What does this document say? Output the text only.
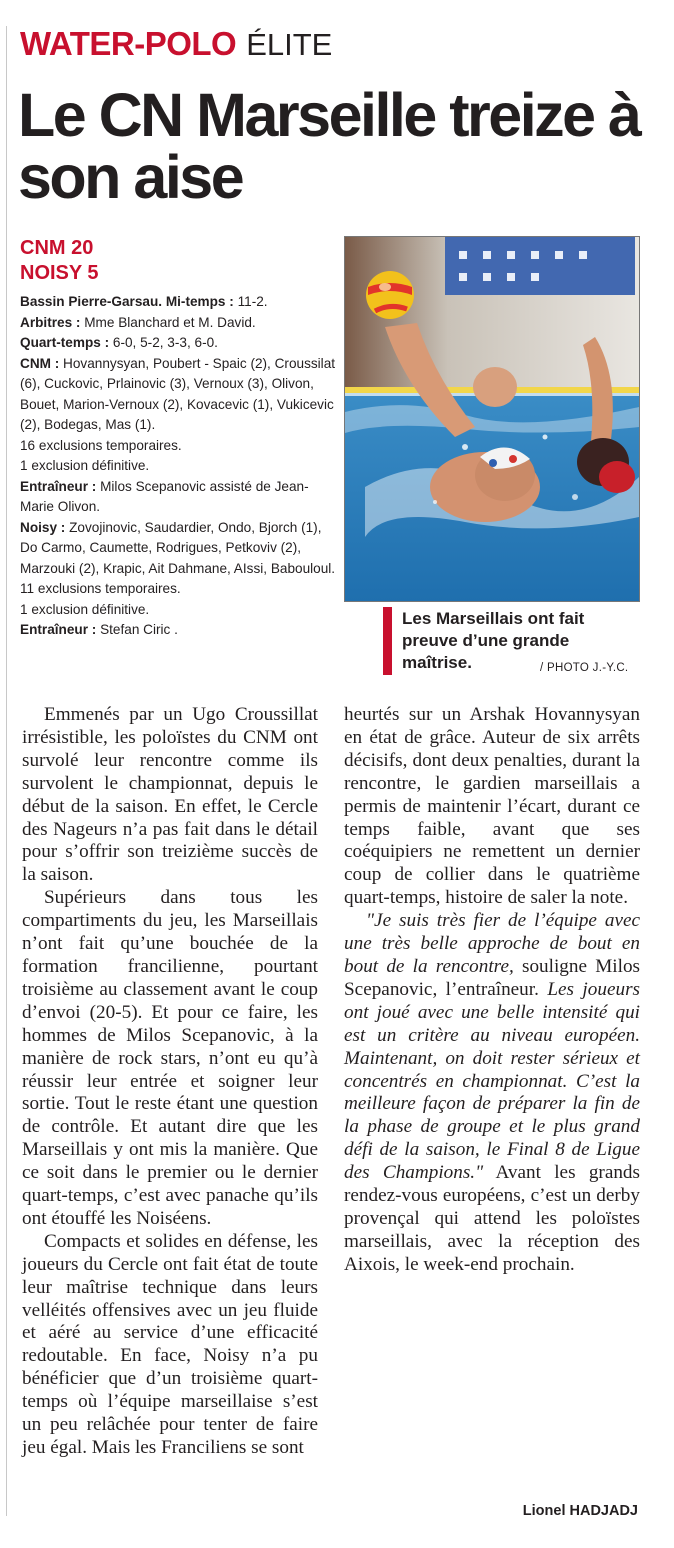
WATER-POLO ÉLITE
Le CN Marseille treize à son aise
CNM 20
NOISY 5

Bassin Pierre-Garsau. Mi-temps : 11-2.

Arbitres : Mme Blanchard et M. David.

Quart-temps : 6-0, 5-2, 3-3, 6-0.

CNM : Hovannysyan, Poubert - Spaic (2), Croussilat (6), Cuckovic, Prlainovic (3), Vernoux (3), Olivon, Bouet, Marion-Vernoux (2), Kovacevic (1), Vukicevic (2), Bodegas, Mas (1).

16 exclusions temporaires.

1 exclusion définitive.

Entraîneur : Milos Scepanovic assisté de Jean-Marie Olivon.

Noisy : Zovojinovic, Saudardier, Ondo, Bjorch (1), Do Carmo, Caumette, Rodrigues, Petkoviv (2), Marzouki (2), Krapic, Ait Dahmane, AIssi, Babouloul.

11 exclusions temporaires.

1 exclusion définitive.

Entraîneur : Stefan Ciric .

Les Marseillais ont fait preuve d’une grande maîtrise.	/ PHOTO J.-Y.C.

Emmenés par un Ugo Croussillat irrésistible, les poloïstes du CNM ont survolé leur rencontre comme ils survolent le championnat, depuis le début de la saison. En effet, le Cercle des Nageurs n’a pas fait dans le détail pour s’offrir son treizième succès de la saison.

Supérieurs dans tous les compartiments du jeu, les Marseillais n’ont fait qu’une bouchée de la formation francilienne, pourtant troisième au classement avant le coup d’envoi (20-5). Et pour ce faire, les hommes de Milos Scepanovic, à la manière de rock stars, n’ont eu qu’à réussir leur entrée et soigner leur sortie. Tout le reste étant une question de contrôle. Et autant dire que les Marseillais y ont mis la manière. Que ce soit dans le premier ou le dernier quart-temps, c’est avec panache qu’ils ont étouffé les Noiséens.

Compacts et solides en défense, les joueurs du Cercle ont fait état de toute leur maîtrise technique dans leurs velléités offensives avec un jeu fluide et aéré au service d’une efficacité redoutable. En face, Noisy n’a pu bénéficier que d’un troisième quart-temps où l’équipe marseillaise s’est un peu relâchée pour tenter de faire jeu égal. Mais les Franciliens se sont

heurtés sur un Arshak Hovannysyan en état de grâce. Auteur de six arrêts décisifs, dont deux penalties, durant la rencontre, le gardien marseillais a permis de maintenir l’écart, durant ce temps faible, avant que ses coéquipiers ne remettent un dernier coup de collier dans le quatrième quart-temps, histoire de saler la note.

"Je suis très fier de l’équipe avec une très belle approche de bout en bout de la rencontre, souligne Milos Scepanovic, l’entraîneur. Les joueurs ont joué avec une belle intensité qui est un critère au niveau européen. Maintenant, on doit rester sérieux et concentrés en championnat. C’est la meilleure façon de préparer la fin de la phase de groupe et le plus grand défi de la saison, le Final 8 de Ligue des Champions." Avant les grands rendez-vous européens, c’est un derby provençal qui attend les poloïstes marseillais, avec la réception des Aixois, le week-end prochain.

Lionel HADJADJ
